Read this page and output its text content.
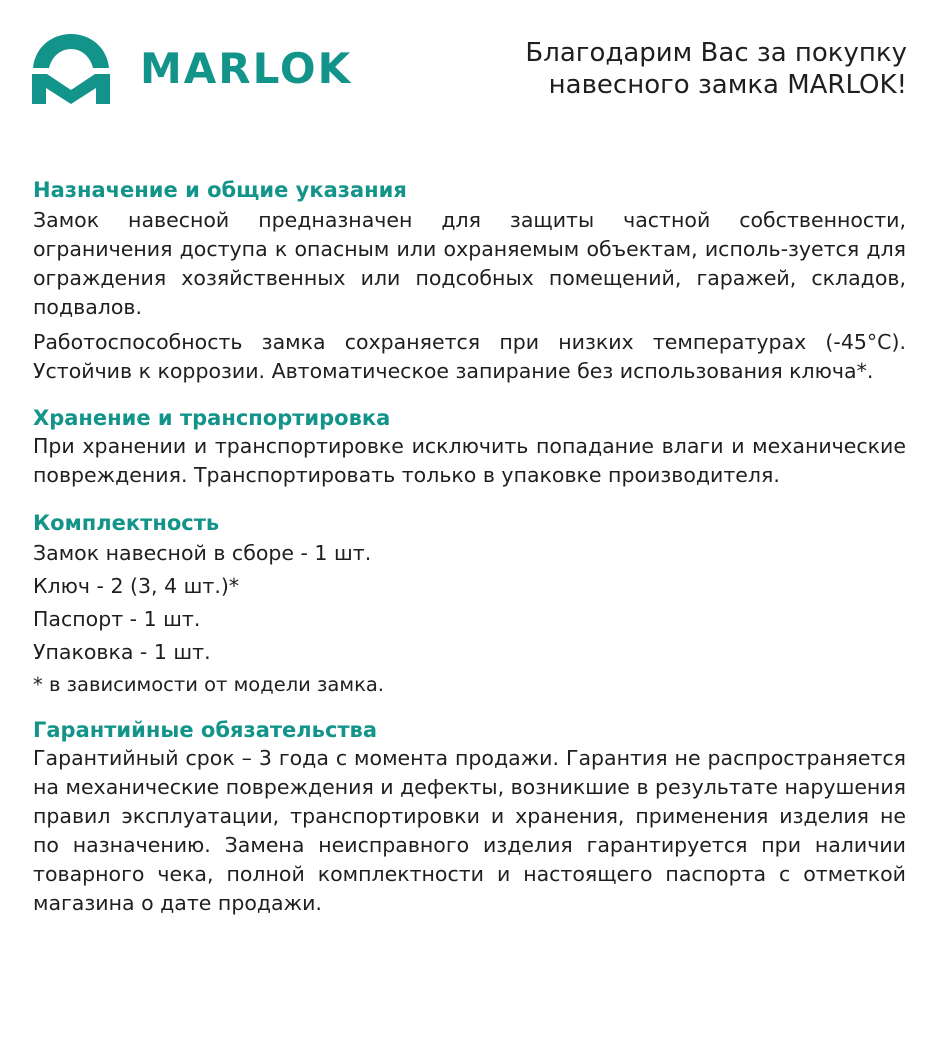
MARLOK	Благодарим Вас за покупку
навесного замка MARLOK!
Назначение и общие указания

Замок навесной предназначен для защиты частной собственности, ограничения доступа к опасным или охраняемым объектам, исполь-зуется для ограждения хозяйственных или подсобных помещений, гаражей, складов, подвалов.

Работоспособность замка сохраняется при низких температурах (-45°С). Устойчив к коррозии. Автоматическое запирание без использования ключа*.

Хранение и транспортировка

При хранении и транспортировке исключить попадание влаги и механические повреждения. Транспортировать только в упаковке производителя.

Комплектность
Замок навесной в сборе - 1 шт.
Ключ - 2 (3, 4 шт.)*
Паспорт - 1 шт.
Упаковка - 1 шт.

* в зависимости от модели замка.

Гарантийные обязательства

Гарантийный срок – 3 года с момента продажи. Гарантия не распространяется на механические повреждения и дефекты, возникшие в результате нарушения правил эксплуатации, транспортировки и хранения, применения изделия не по назначению. Замена неисправного изделия гарантируется при наличии товарного чека, полной комплектности и настоящего паспорта с отметкой магазина о дате продажи.
